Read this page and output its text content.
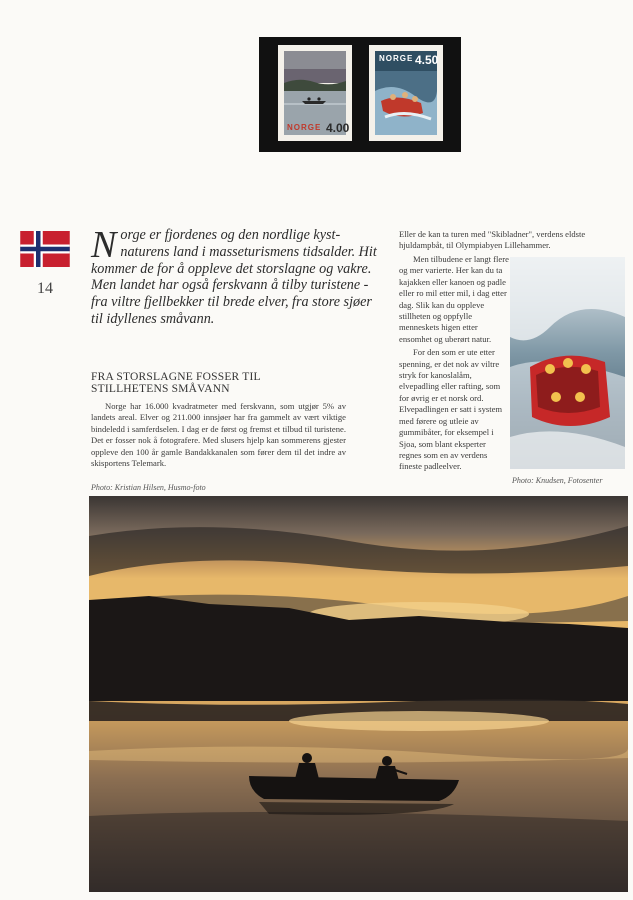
NORGE 4.00
NORGE 4.50
14
Norge er fjordenes og den nordlige kyst-naturens land i masseturismens tidsalder. Hit kommer de for å oppleve det storslagne og vakre. Men landet har også ferskvann å tilby turistene - fra viltre fjellbekker til brede elver, fra store sjøer til idyllenes småvann.
FRA STORSLAGNE FOSSER TIL STILLHETENS SMÅVANN
Norge har 16.000 kvadratmeter med ferskvann, som utgjør 5% av landets areal. Elver og 211.000 innsjøer har fra gammelt av vært viktige bindeledd i samferdselen. I dag er de først og fremst et tilbud til turistene. Det er fosser nok å fotografere. Med slusers hjelp kan sommerens gjester oppleve den 100 år gamle Bandakkanalen som fører dem til det indre av skisportens Telemark.
Eller de kan ta turen med "Skibladner", verdens eldste hjuldampbåt, til Olympiabyen Lillehammer.

Men tilbudene er langt flere og mer varierte. Her kan du ta kajakken eller kanoen og padle eller ro mil etter mil, i dag etter dag. Slik kan du oppleve stillheten og oppfylle menneskets higen etter ensomhet og uberørt natur.

For den som er ute etter spenning, er det nok av viltre stryk for kanoslalåm, elvepadling eller rafting, som for øvrig er et norsk ord. Elvepadlingen er satt i system med førere og utleie av gummibåter, for eksempel i Sjoa, som blant eksperter regnes som en av verdens fineste padleelver.

Photo: Kristian Hilsen, Husmo-foto
Photo: Knudsen, Fotosenter
